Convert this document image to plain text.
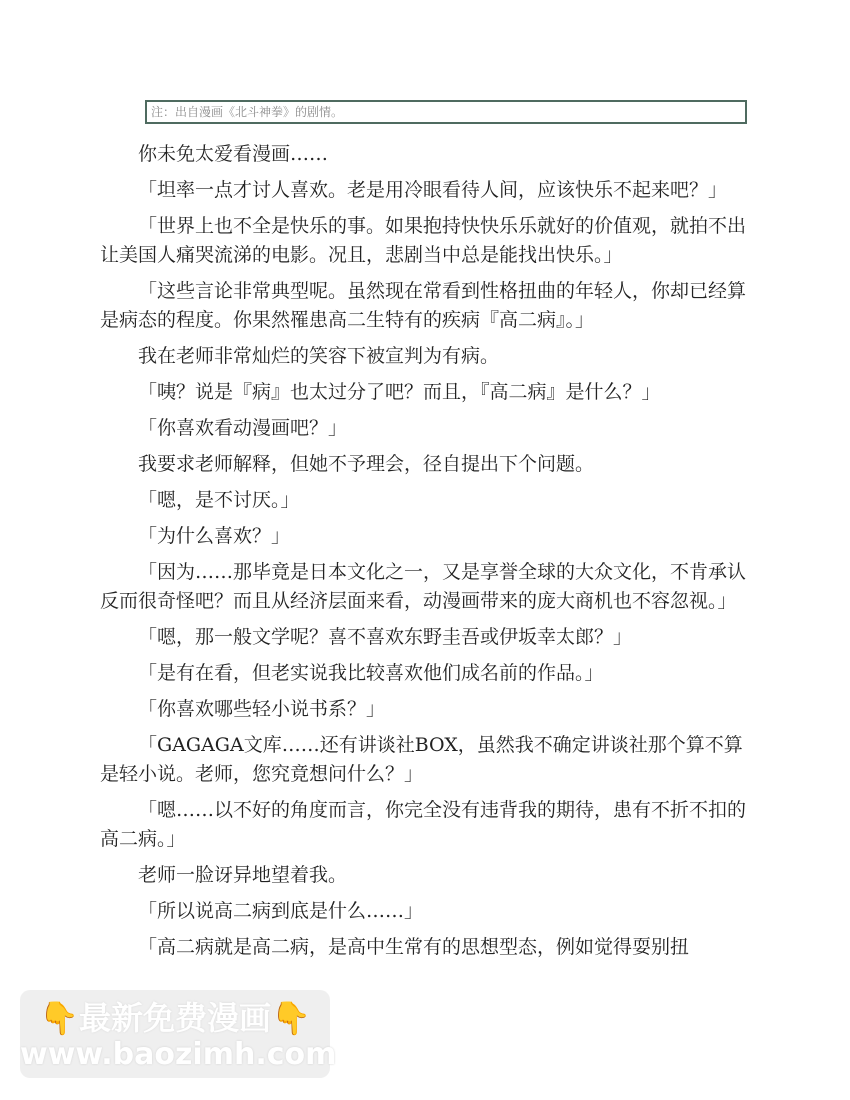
注：出自漫画《北斗神拳》的剧情。

你未免太爱看漫画……

「坦率一点才讨人喜欢。老是用冷眼看待人间，应该快乐不起来吧？」

「世界上也不全是快乐的事。如果抱持快快乐乐就好的价值观，就拍不出让美国人痛哭流涕的电影。况且，悲剧当中总是能找出快乐。」

「这些言论非常典型呢。虽然现在常看到性格扭曲的年轻人，你却已经算是病态的程度。你果然罹患高二生特有的疾病『高二病』。」

我在老师非常灿烂的笑容下被宣判为有病。

「咦？说是『病』也太过分了吧？而且，『高二病』是什么？」

「你喜欢看动漫画吧？」

我要求老师解释，但她不予理会，径自提出下个问题。

「嗯，是不讨厌。」

「为什么喜欢？」

「因为……那毕竟是日本文化之一，又是享誉全球的大众文化，不肯承认反而很奇怪吧？而且从经济层面来看，动漫画带来的庞大商机也不容忽视。」

「嗯，那一般文学呢？喜不喜欢东野圭吾或伊坂幸太郎？」

「是有在看，但老实说我比较喜欢他们成名前的作品。」

「你喜欢哪些轻小说书系？」

「GAGAGA文库……还有讲谈社BOX，虽然我不确定讲谈社那个算不算是轻小说。老师，您究竟想问什么？」

「嗯……以不好的角度而言，你完全没有违背我的期待，患有不折不扣的高二病。」

老师一脸讶异地望着我。

「所以说高二病到底是什么……」

「高二病就是高二病，是高中生常有的思想型态，例如觉得耍别扭

👇最新免费漫画👇
www.baozimh.com
